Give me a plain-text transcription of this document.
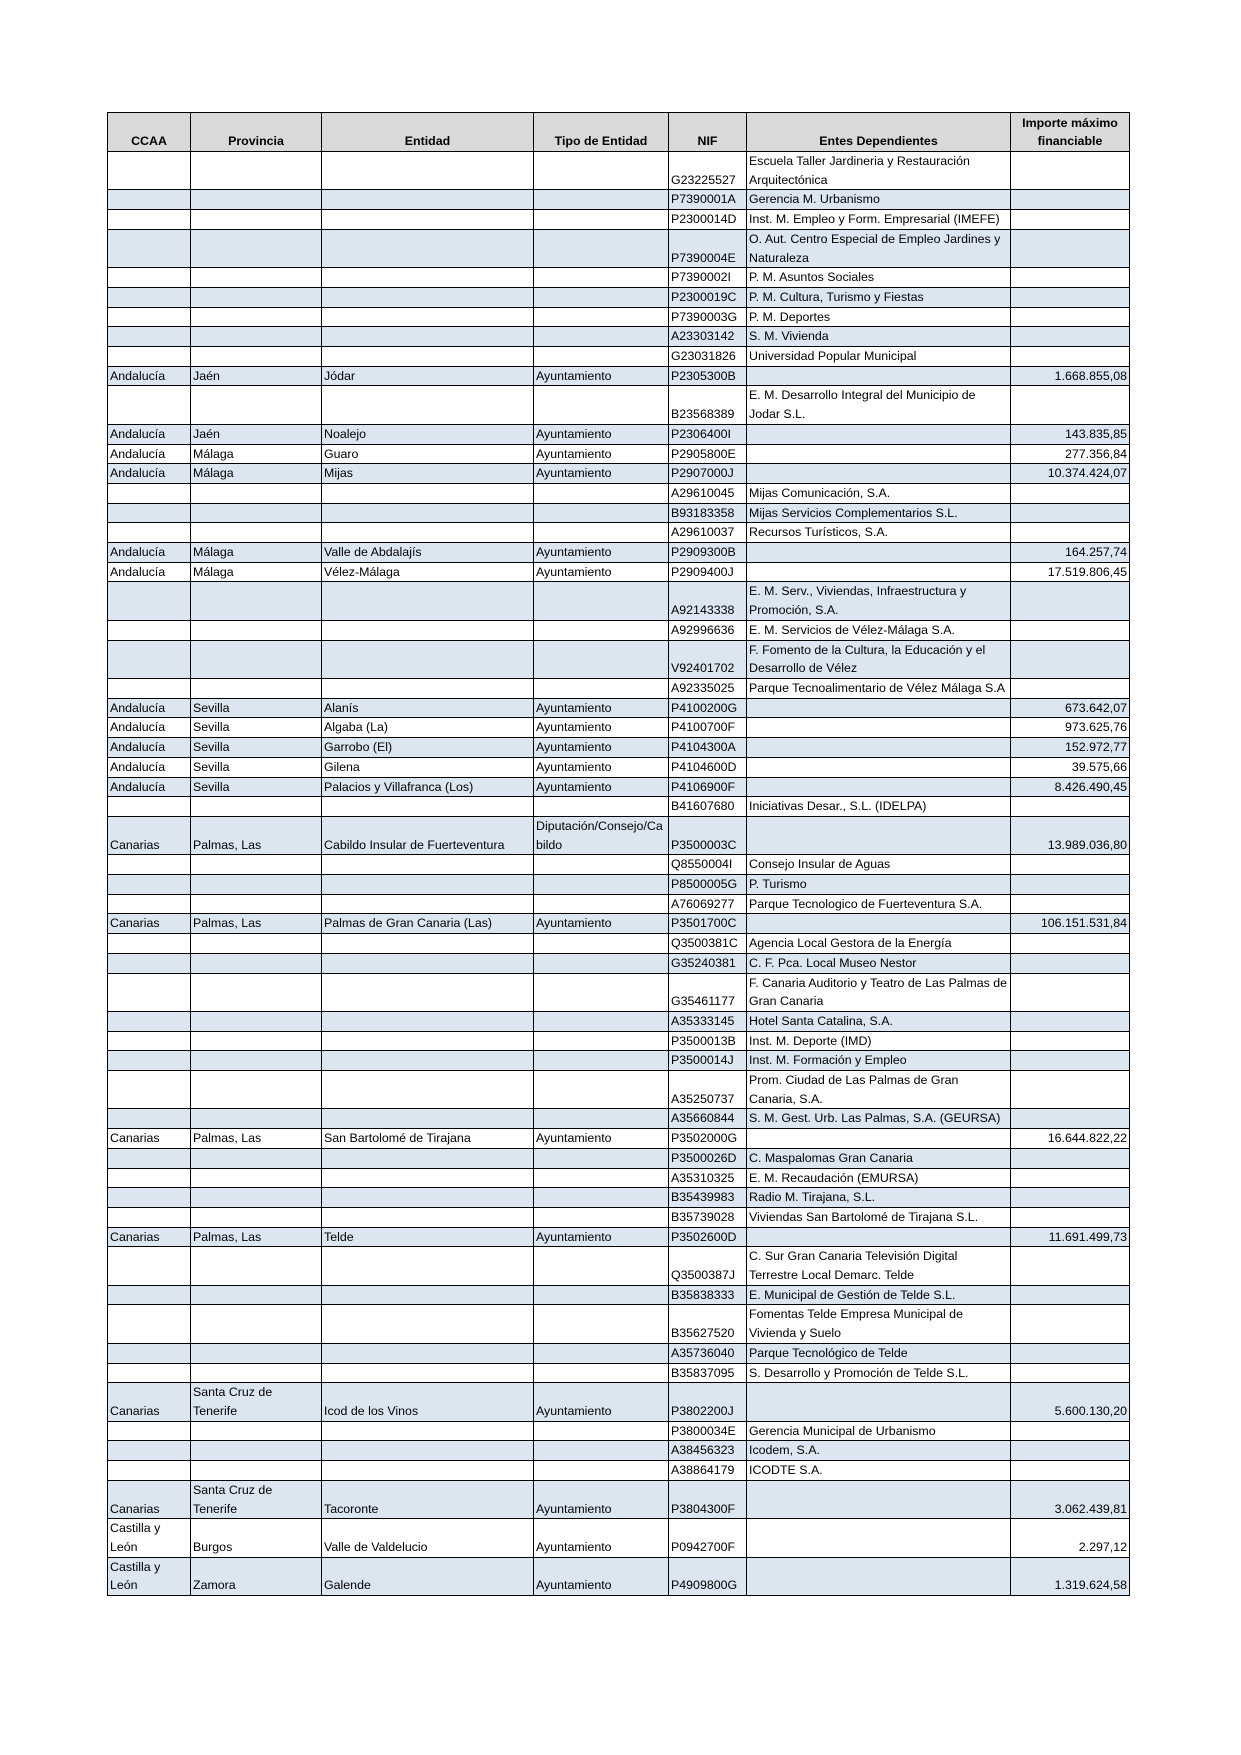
CCAA	Provincia	Entidad	Tipo de Entidad	NIF	Entes Dependientes	Importe máximo financiable
				G23225527	Escuela Taller Jardineria y Restauración Arquitectónica	
				P7390001A	Gerencia M. Urbanismo	
				P2300014D	Inst. M. Empleo y Form. Empresarial (IMEFE)	
				P7390004E	O. Aut. Centro Especial de Empleo Jardines y Naturaleza	
				P7390002I	P. M. Asuntos Sociales	
				P2300019C	P. M. Cultura, Turismo y Fiestas	
				P7390003G	P. M. Deportes	
				A23303142	S. M. Vivienda	
				G23031826	Universidad Popular Municipal	
Andalucía	Jaén	Jódar	Ayuntamiento	P2305300B		1.668.855,08
				B23568389	E. M. Desarrollo Integral del Municipio de Jodar S.L.	
Andalucía	Jaén	Noalejo	Ayuntamiento	P2306400I		143.835,85
Andalucía	Málaga	Guaro	Ayuntamiento	P2905800E		277.356,84
Andalucía	Málaga	Mijas	Ayuntamiento	P2907000J		10.374.424,07
				A29610045	Mijas Comunicación, S.A.	
				B93183358	Mijas Servicios Complementarios S.L.	
				A29610037	Recursos Turísticos, S.A.	
Andalucía	Málaga	Valle de Abdalajís	Ayuntamiento	P2909300B		164.257,74
Andalucía	Málaga	Vélez-Málaga	Ayuntamiento	P2909400J		17.519.806,45
				A92143338	E. M. Serv., Viviendas, Infraestructura y Promoción, S.A.	
				A92996636	E. M. Servicios de Vélez-Málaga S.A.	
				V92401702	F. Fomento de la Cultura, la Educación y el Desarrollo de Vélez	
				A92335025	Parque Tecnoalimentario de Vélez Málaga S.A	
Andalucía	Sevilla	Alanís	Ayuntamiento	P4100200G		673.642,07
Andalucía	Sevilla	Algaba (La)	Ayuntamiento	P4100700F		973.625,76
Andalucía	Sevilla	Garrobo (El)	Ayuntamiento	P4104300A		152.972,77
Andalucía	Sevilla	Gilena	Ayuntamiento	P4104600D		39.575,66
Andalucía	Sevilla	Palacios y Villafranca (Los)	Ayuntamiento	P4106900F		8.426.490,45
				B41607680	Iniciativas Desar., S.L. (IDELPA)	
Canarias	Palmas, Las	Cabildo Insular de Fuerteventura	Diputación/Consejo/Cabildo	P3500003C		13.989.036,80
				Q8550004I	Consejo Insular de Aguas	
				P8500005G	P. Turismo	
				A76069277	Parque Tecnologico de Fuerteventura S.A.	
Canarias	Palmas, Las	Palmas de Gran Canaria (Las)	Ayuntamiento	P3501700C		106.151.531,84
				Q3500381C	Agencia Local Gestora de la Energía	
				G35240381	C. F. Pca. Local Museo Nestor	
				G35461177	F. Canaria Auditorio y Teatro de Las Palmas de Gran Canaria	
				A35333145	Hotel Santa Catalina, S.A.	
				P3500013B	Inst. M. Deporte (IMD)	
				P3500014J	Inst. M. Formación y Empleo	
				A35250737	Prom. Ciudad de Las Palmas de Gran Canaria, S.A.	
				A35660844	S. M. Gest. Urb. Las Palmas, S.A. (GEURSA)	
Canarias	Palmas, Las	San Bartolomé de Tirajana	Ayuntamiento	P3502000G		16.644.822,22
				P3500026D	C. Maspalomas Gran Canaria	
				A35310325	E. M. Recaudación (EMURSA)	
				B35439983	Radio M. Tirajana, S.L.	
				B35739028	Viviendas San Bartolomé de Tirajana S.L.	
Canarias	Palmas, Las	Telde	Ayuntamiento	P3502600D		11.691.499,73
				Q3500387J	C. Sur Gran Canaria Televisión Digital Terrestre Local Demarc. Telde	
				B35838333	E. Municipal de Gestión de Telde S.L.	
				B35627520	Fomentas Telde Empresa Municipal de Vivienda y Suelo	
				A35736040	Parque Tecnológico de Telde	
				B35837095	S. Desarrollo y Promoción de Telde S.L.	
Canarias	Santa Cruz de Tenerife	Icod de los Vinos	Ayuntamiento	P3802200J		5.600.130,20
				P3800034E	Gerencia Municipal de Urbanismo	
				A38456323	Icodem, S.A.	
				A38864179	ICODTE S.A.	
Canarias	Santa Cruz de Tenerife	Tacoronte	Ayuntamiento	P3804300F		3.062.439,81
Castilla y León	Burgos	Valle de Valdelucio	Ayuntamiento	P0942700F		2.297,12
Castilla y León	Zamora	Galende	Ayuntamiento	P4909800G		1.319.624,58
